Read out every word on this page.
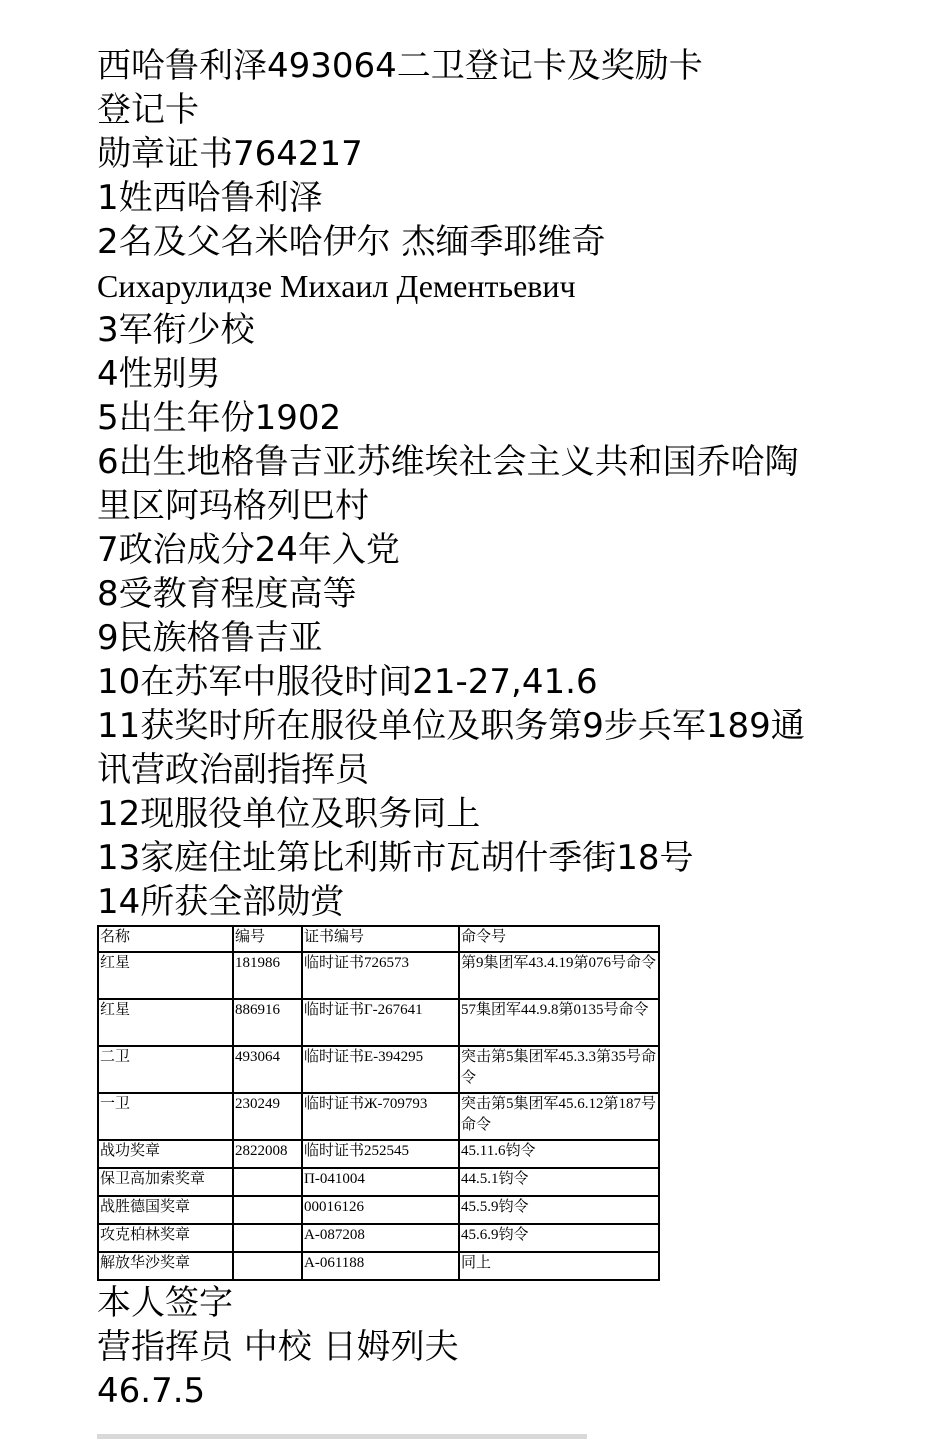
西哈鲁利泽493064二卫登记卡及奖励卡
登记卡
勋章证书764217
1姓西哈鲁利泽
2名及父名米哈伊尔 杰缅季耶维奇
Сихарулидзе Михаил Дементьевич
3军衔少校
4性别男
5出生年份1902
6出生地格鲁吉亚苏维埃社会主义共和国乔哈陶
里区阿玛格列巴村
7政治成分24年入党
8受教育程度高等
9民族格鲁吉亚
10在苏军中服役时间21-27,41.6
11获奖时所在服役单位及职务第9步兵军189通
讯营政治副指挥员
12现服役单位及职务同上
13家庭住址第比利斯市瓦胡什季街18号
14所获全部勋赏
名称	编号	证书编号	命令号
红星	181986	临时证书726573	第9集团军43.4.19第076号命令
红星	886916	临时证书Г-267641	57集团军44.9.8第0135号命令
二卫	493064	临时证书Е-394295	突击第5集团军45.3.3第35号命令
一卫	230249	临时证书Ж-709793	突击第5集团军45.6.12第187号命令
战功奖章	2822008	临时证书252545	45.11.6钧令
保卫高加索奖章		П-041004	44.5.1钧令
战胜德国奖章		00016126	45.5.9钧令
攻克柏林奖章		А-087208	45.6.9钧令
解放华沙奖章		А-061188	同上
本人签字
营指挥员 中校 日姆列夫
46.7.5
